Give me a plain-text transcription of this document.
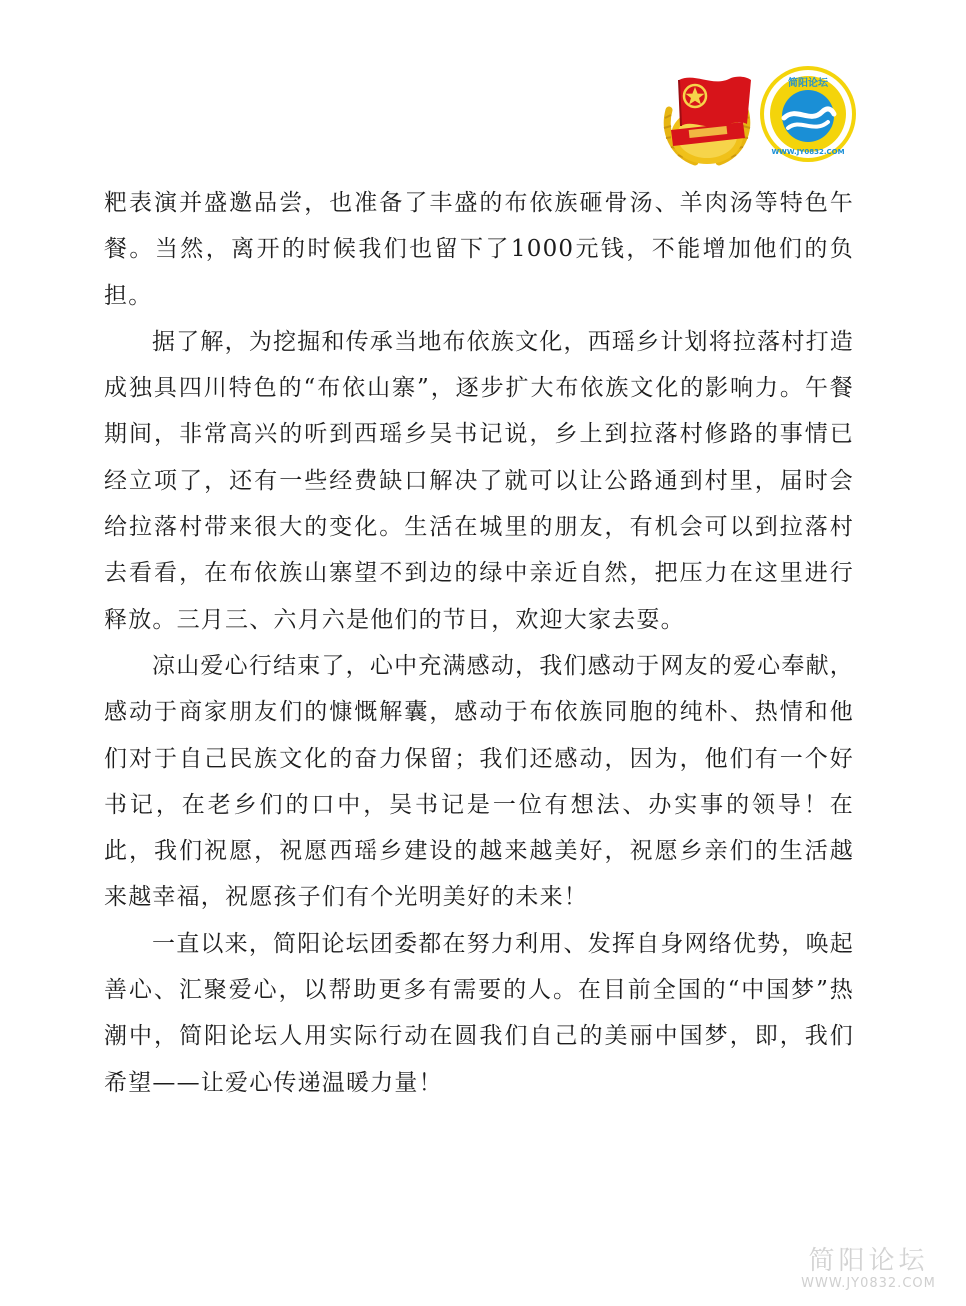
简阳论坛
WWW.JY0832.COM

粑表演并盛邀品尝，也准备了丰盛的布依族砸骨汤、羊肉汤等特色午餐。当然，离开的时候我们也留下了1000元钱，不能增加他们的负担。

据了解，为挖掘和传承当地布依族文化，西瑶乡计划将拉落村打造成独具四川特色的“布依山寨”，逐步扩大布依族文化的影响力。午餐期间，非常高兴的听到西瑶乡吴书记说，乡上到拉落村修路的事情已经立项了，还有一些经费缺口解决了就可以让公路通到村里，届时会给拉落村带来很大的变化。生活在城里的朋友，有机会可以到拉落村去看看，在布依族山寨望不到边的绿中亲近自然，把压力在这里进行释放。三月三、六月六是他们的节日，欢迎大家去耍。

凉山爱心行结束了，心中充满感动，我们感动于网友的爱心奉献，感动于商家朋友们的慷慨解囊，感动于布依族同胞的纯朴、热情和他们对于自己民族文化的奋力保留；我们还感动，因为，他们有一个好书记，在老乡们的口中，吴书记是一位有想法、办实事的领导！在此，我们祝愿，祝愿西瑶乡建设的越来越美好，祝愿乡亲们的生活越来越幸福，祝愿孩子们有个光明美好的未来！

一直以来，简阳论坛团委都在努力利用、发挥自身网络优势，唤起善心、汇聚爱心，以帮助更多有需要的人。在目前全国的“中国梦”热潮中，简阳论坛人用实际行动在圆我们自己的美丽中国梦，即，我们希望——让爱心传递温暖力量！

简阳论坛
WWW.JY0832.COM
